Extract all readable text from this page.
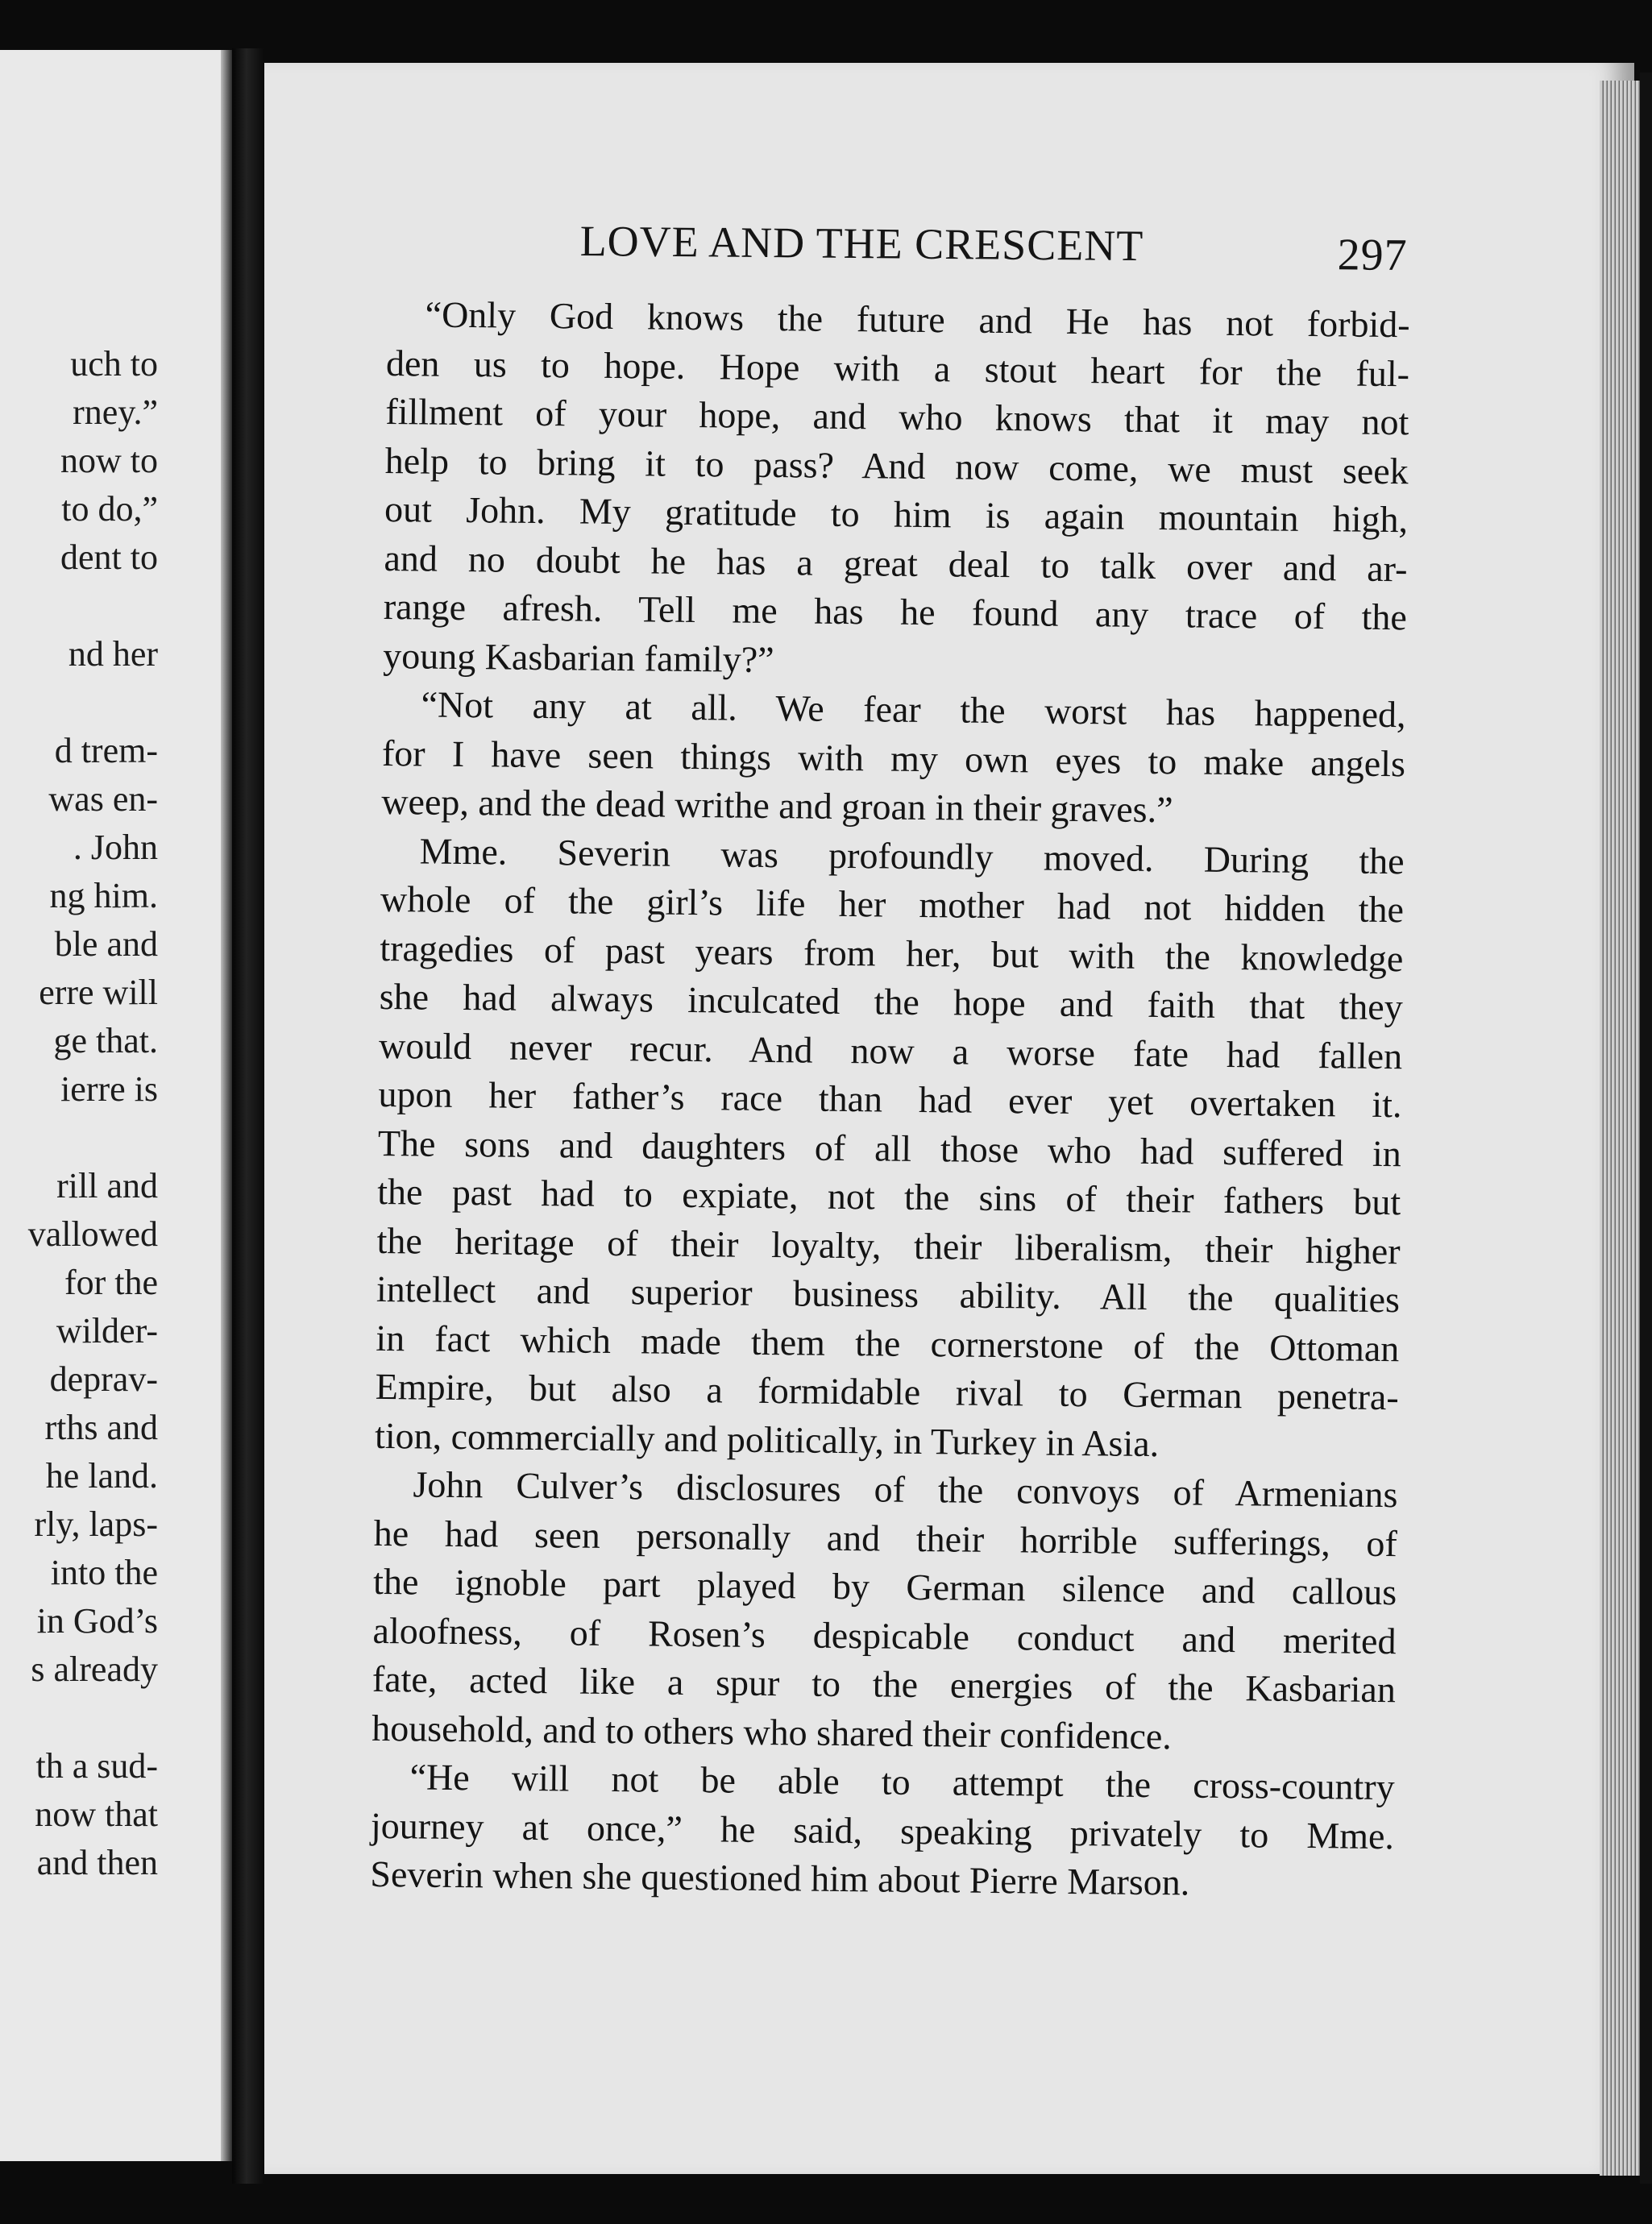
uch to
rney.”
now to
to do,”
dent to
nd her
d trem-
was en-
. John
ng him.
ble and
erre will
ge that.
ierre is
rill and
vallowed
for the
wilder-
deprav-
rths and
he land.
rly, laps-
into the
in God’s
s already
th a sud-
now that
and then
LOVE AND THE CRESCENT	297

“Only God knows the future and He has not forbid-
den us to hope. Hope with a stout heart for the ful-
fillment of your hope, and who knows that it may not
help to bring it to pass? And now come, we must seek
out John. My gratitude to him is again mountain high,
and no doubt he has a great deal to talk over and ar-
range afresh. Tell me has he found any trace of the
young Kasbarian family?”

“Not any at all. We fear the worst has happened,
for I have seen things with my own eyes to make angels
weep, and the dead writhe and groan in their graves.”

Mme. Severin was profoundly moved. During the
whole of the girl’s life her mother had not hidden the
tragedies of past years from her, but with the knowledge
she had always inculcated the hope and faith that they
would never recur. And now a worse fate had fallen
upon her father’s race than had ever yet overtaken it.
The sons and daughters of all those who had suffered in
the past had to expiate, not the sins of their fathers but
the heritage of their loyalty, their liberalism, their higher
intellect and superior business ability. All the qualities
in fact which made them the cornerstone of the Ottoman
Empire, but also a formidable rival to German penetra-
tion, commercially and politically, in Turkey in Asia.

John Culver’s disclosures of the convoys of Armenians
he had seen personally and their horrible sufferings, of
the ignoble part played by German silence and callous
aloofness, of Rosen’s despicable conduct and merited
fate, acted like a spur to the energies of the Kasbarian
household, and to others who shared their confidence.

“He will not be able to attempt the cross-country
journey at once,” he said, speaking privately to Mme.
Severin when she questioned him about Pierre Marson.
